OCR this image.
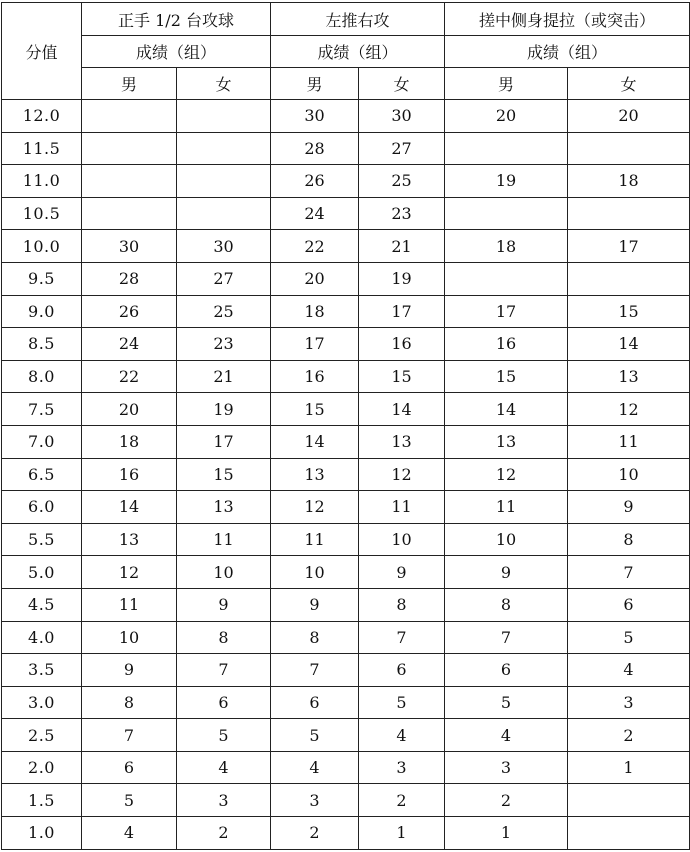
分值	正手 1/2 台攻球		左推右攻		搓中侧身提拉（或突击）	
	成绩（组）		成绩（组）		成绩（组）	
	男	女	男	女	男	女
12.0			30	30	20	20
11.5			28	27		
11.0			26	25	19	18
10.5			24	23		
10.0	30	30	22	21	18	17
9.5	28	27	20	19		
9.0	26	25	18	17	17	15
8.5	24	23	17	16	16	14
8.0	22	21	16	15	15	13
7.5	20	19	15	14	14	12
7.0	18	17	14	13	13	11
6.5	16	15	13	12	12	10
6.0	14	13	12	11	11	9
5.5	13	11	11	10	10	8
5.0	12	10	10	9	9	7
4.5	11	9	9	8	8	6
4.0	10	8	8	7	7	5
3.5	9	7	7	6	6	4
3.0	8	6	6	5	5	3
2.5	7	5	5	4	4	2
2.0	6	4	4	3	3	1
1.5	5	3	3	2	2	
1.0	4	2	2	1	1	
